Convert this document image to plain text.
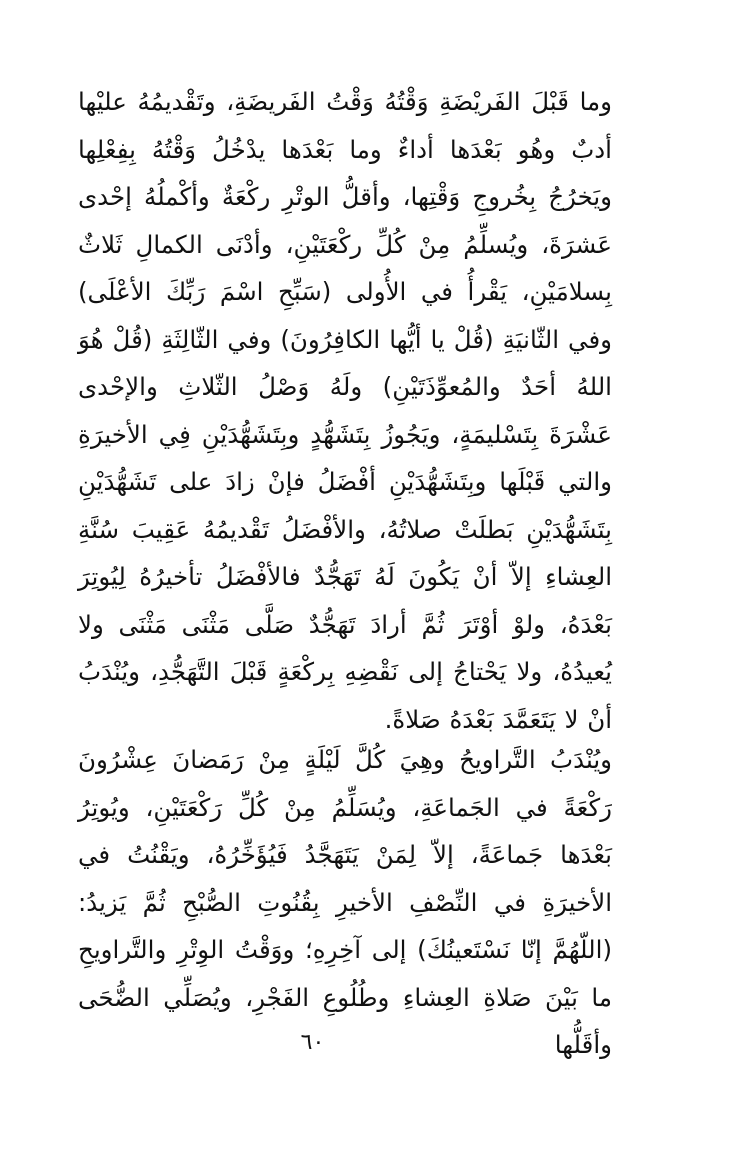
وما قَبْلَ الفَريْضَةِ وَقْتُهُ وَقْتُ الفَريضَةِ، وتَقْديمُهُ عليْها أدبٌ وهُو بَعْدَها أداءٌ وما بَعْدَها يدْخُلُ وَقْتُهُ بِفِعْلِها ويَخرُجُ بِخُروجِ وَقْتِها، وأقلُّ الوتْرِ ركْعَةٌ وأكْملُهُ إحْدى عَشرَةَ، ويُسلِّمُ مِنْ كُلِّ ركْعَتَيْنِ، وأدْنَى الكمالِ ثَلاثٌ بِسلامَيْنِ، يَقْرأُ في الأُولى (سَبِّحِ اسْمَ رَبِّكَ الأعْلَى) وفي الثّانيَةِ (قُلْ يا أيُّها الكافِرُونَ) وفي الثّالِثَةِ (قُلْ هُوَ اللهُ أحَدٌ والمُعوِّذَتَيْنِ) ولَهُ وَصْلُ الثّلاثِ والإحْدى عَشْرَةَ بِتَسْليمَةٍ، ويَجُوزُ بِتَشَهُّدٍ وبِتَشَهُّدَيْنِ فِي الأخيرَةِ والتي قَبْلَها وبِتَشَهُّدَيْنِ أفْضَلُ فإنْ زادَ على تَشَهُّدَيْنِ بِتَشَهُّدَيْنِ بَطلَتْ صلاتُهُ، والأفْضَلُ تَقْديمُهُ عَقِيبَ سُنَّةِ العِشاءِ إلاّ أنْ يَكُونَ لَهُ تَهَجُّدٌ فالأفْضَلُ تأخيرُهُ لِيُوتِرَ بَعْدَهُ، ولوْ أوْتَرَ ثُمَّ أرادَ تَهَجُّدٌ صَلَّى مَثْنَى مَثْنَى ولا يُعيدُهُ، ولا يَحْتاجُ إلى نَقْضِهِ بِركْعَةٍ قَبْلَ التَّهَجُّدِ، ويُنْدَبُ أنْ لا يَتَعَمَّدَ بَعْدَهُ صَلاةً.

ويُنْدَبُ التَّراويحُ وهِيَ كُلَّ لَيْلَةٍ مِنْ رَمَضانَ عِشْرُونَ رَكْعَةً في الجَماعَةِ، ويُسَلِّمُ مِنْ كُلِّ رَكْعَتَيْنِ، ويُوتِرُ بَعْدَها جَماعَةً، إلاّ لِمَنْ يَتَهَجَّدُ فَيُؤَخِّرُهُ، ويَقْنُتُ في الأخيرَةِ في النِّصْفِ الأخيرِ بِقُنُوتِ الصُّبْحِ ثُمَّ يَزيدُ: (اللّهُمَّ إنّا نَسْتَعينُكَ) إلى آخِرِهِ؛ ووَقْتُ الوِتْرِ والتَّراويحِ ما بَيْنَ صَلاةِ العِشاءِ وطُلُوعِ الفَجْرِ، ويُصَلِّي الضُّحَى وأقَلُّها

٦٠
